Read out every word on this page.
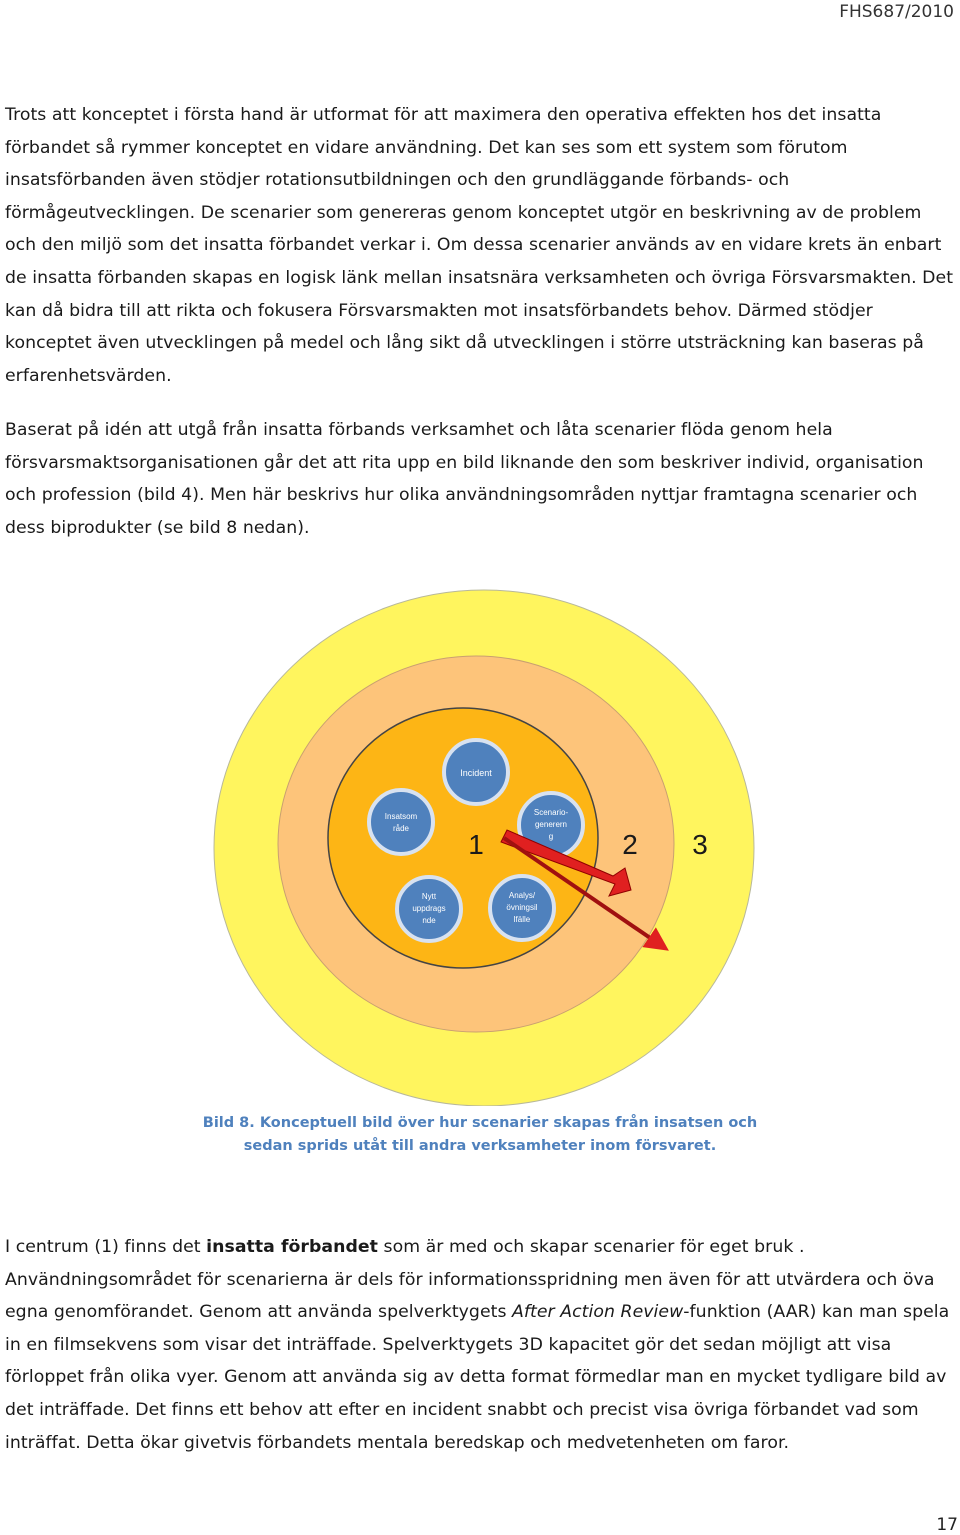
FHS687/2010

Trots att konceptet i första hand är utformat för att maximera den operativa effekten hos det insatta förbandet så rymmer konceptet en vidare användning. Det kan ses som ett system som förutom insatsförbanden även stödjer rotationsutbildningen och den grundläggande förbands- och förmågeutvecklingen. De scenarier som genereras genom konceptet utgör en beskrivning av de problem och den miljö som det insatta förbandet verkar i. Om dessa scenarier används av en vidare krets än enbart de insatta förbanden skapas en logisk länk mellan insatsnära verksamheten och övriga Försvarsmakten. Det kan då bidra till att rikta och fokusera Försvarsmakten mot insatsförbandets behov. Därmed stödjer konceptet även utvecklingen på medel och lång sikt då utvecklingen i större utsträckning kan baseras på erfarenhetsvärden.

Baserat på idén att utgå från insatta förbands verksamhet och låta scenarier flöda genom hela försvarsmaktsorganisationen går det att rita upp en bild liknande den som beskriver individ, organisation och profession (bild 4). Men här beskrivs hur olika användningsområden nyttjar framtagna scenarier och dess biprodukter (se bild 8 nedan).

Incident
Scenario-
generern
g
Analys/
övningsil
lfälle
Nytt
uppdrags
nde
Insatsom
råde
1	2 3
Bild 8. Konceptuell bild över hur scenarier skapas från insatsen och
sedan sprids utåt till andra verksamheter inom försvaret.

I centrum (1) finns det insatta förbandet som är med och skapar scenarier för eget bruk . Användningsområdet för scenarierna är dels för informationsspridning men även för att utvärdera och öva egna genomförandet. Genom att använda spelverktygets After Action Review-funktion (AAR) kan man spela in en filmsekvens som visar det inträffade. Spelverktygets 3D kapacitet gör det sedan möjligt att visa förloppet från olika vyer. Genom att använda sig av detta format förmedlar man en mycket tydligare bild av det inträffade. Det finns ett behov att efter en incident snabbt och precist visa övriga förbandet vad som inträffat. Detta ökar givetvis förbandets mentala beredskap och medvetenheten om faror.

17
